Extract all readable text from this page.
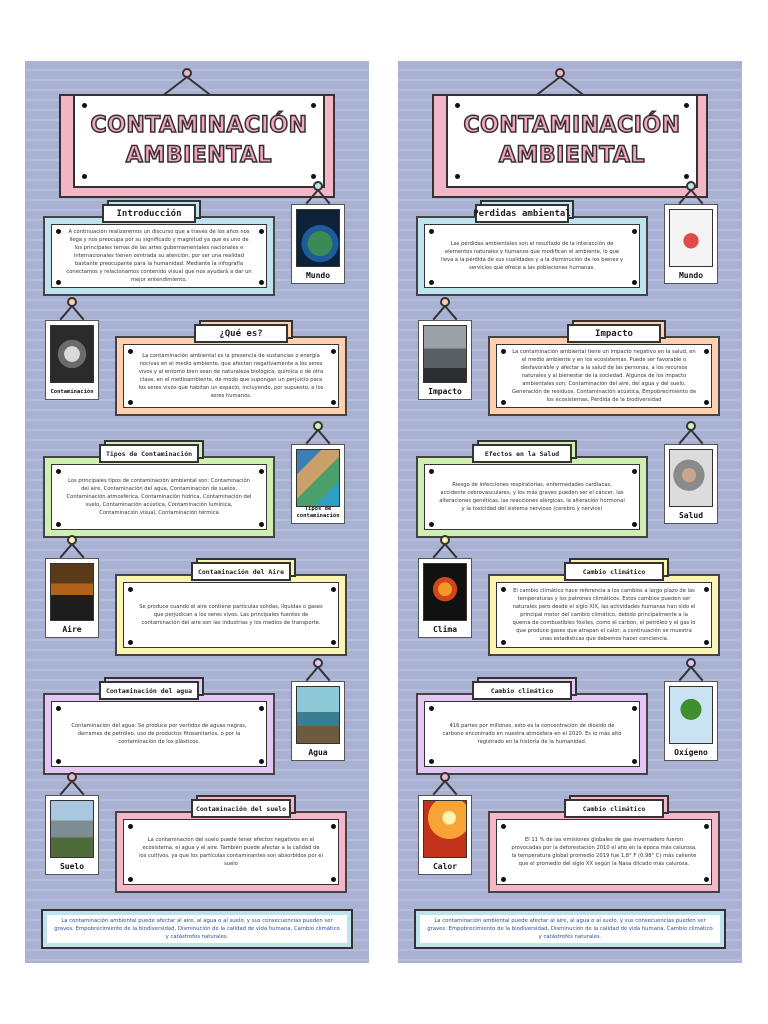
CONTAMINACIÓN
AMBIENTAL
A continuación realizaremos un discurso que a través de los años nos llega y nos preocupa por su significado y magnitud ya que es uno de los principales temas de las artes gubernamentales nacionales e internacionales tienen centrada su atención, por ser una realidad bastante preocupante para la humanidad. Mediante la infografía conectamos y relacionamos contenido visual que nos ayudará a dar un mejor entendimiento.
Introducción
Mundo
La contaminación ambiental es la presencia de sustancias o energía nocivas en el medio ambiente, que afectan negativamente a los seres vivos y al entorno bien sean de naturaleza biológica, química o de otra clase, en el medioambiente, de modo que supongan un perjuicio para los seres vivos que habitan un espacio, incluyendo, por supuesto, a los seres humanos.
¿Qué es?
Contaminación
Los principales tipos de contaminación ambiental son: Contaminación del aire, Contaminación del agua, Contaminación de suelos, Contaminación atmosférica, Contaminación hídrica, Contaminación del suelo, Contaminación acústica, Contaminación lumínica, Contaminación visual, Contaminación térmica
Tipos de Contaminación
Tipos de contaminación
Se produce cuando el aire contiene partículas sólidas, líquidas o gases que perjudican a los seres vivos. Las principales fuentes de contaminación del aire son las industrias y los medios de transporte.
Contaminación del Aire
Aire
Contaminación del agua: Se produce por vertidos de aguas negras, derrames de petróleo, uso de productos fitosanitarios, o por la contaminación de los plásticos.
Contaminación del agua
Agua
La contaminación del suelo puede tener efectos negativos en el ecosistema, el agua y el aire. También puede afectar a la calidad de los cultivos, ya que los partículas contaminantes son absorbidos por el suelo
Contaminación del suelo
Suelo
La contaminación ambiental puede afectar al aire, al agua o al suelo, y sus consecuencias pueden ser graves: Empobrecimiento de la biodiversidad, Disminución de la calidad de vida humana, Cambio climático y catástrofes naturales.
CONTAMINACIÓN
AMBIENTAL
Las pérdidas ambientales son el resultado de la interacción de elementos naturales y humanos que modifican el ambiente, lo que lleva a la pérdida de sus cualidades y a la disminución de los bienes y servicios que ofrece a las poblaciones humanas.
Perdidas ambiental
Mundo
La contaminación ambiental tiene un impacto negativo en la salud, en el medio ambiente y en los ecosistemas. Puede ser favorable o desfavorable y afectar a la salud de las personas, a los recursos naturales y al bienestar de la sociedad. Algunos de los impacto ambientales son: Contaminación del aire, del agua y del suelo, Generación de residuos, Contaminación acústica, Empobrecimiento de los ecosistemas, Pérdida de la biodiversidad
Impacto
Impacto
Riesgo de infecciones respiratorias, enfermedades cardíacas, accidente cebrovasculares, y los más graves pueden ser el cáncer, las alteraciones genéticas, las reacciones alérgicas, la alteración hormonal y la toxicidad del sistema nervioso (cerebro y nervios)
Efectos en la Salud
Salud
El cambio climático hace referencia a los cambios a largo plazo de las temperaturas y los patrones climáticos. Estos cambios pueden ser naturales pero desde el siglo XIX, las actividades humanas han sido el principal motor del cambio climático, debido principalmente a la quema de combustibles fósiles, como el carbón, el petróleo y el gas lo que produce gases que atrapan el calor, a continuación se muestra unas estadísticas que debemos hacer conciencia.
Cambio climático
Clima
416 partes por millones, esto es la concentración de dióxido de carbono encontrado en nuestra atmósfera en el 2020. Es lo más alto registrado en la historia de la humanidad.
Cambio climático
Oxígeno
El 11 % de las emisiones globales de gas invernadero fueron provocadas por la deforestación 2010 el año en la época más calurosa, la temperatura global promedio 2019 fue 1,8° F (0,98° C) más caliente que el promedio del siglo XX según la Nasa dilcado más calurosa.
Cambio climático
Calor
La contaminación ambiental puede afectar al aire, al agua o al suelo, y sus consecuencias pueden ser graves: Empobrecimiento de la biodiversidad, Disminución de la calidad de vida humana, Cambio climático y catástrofes naturales.
